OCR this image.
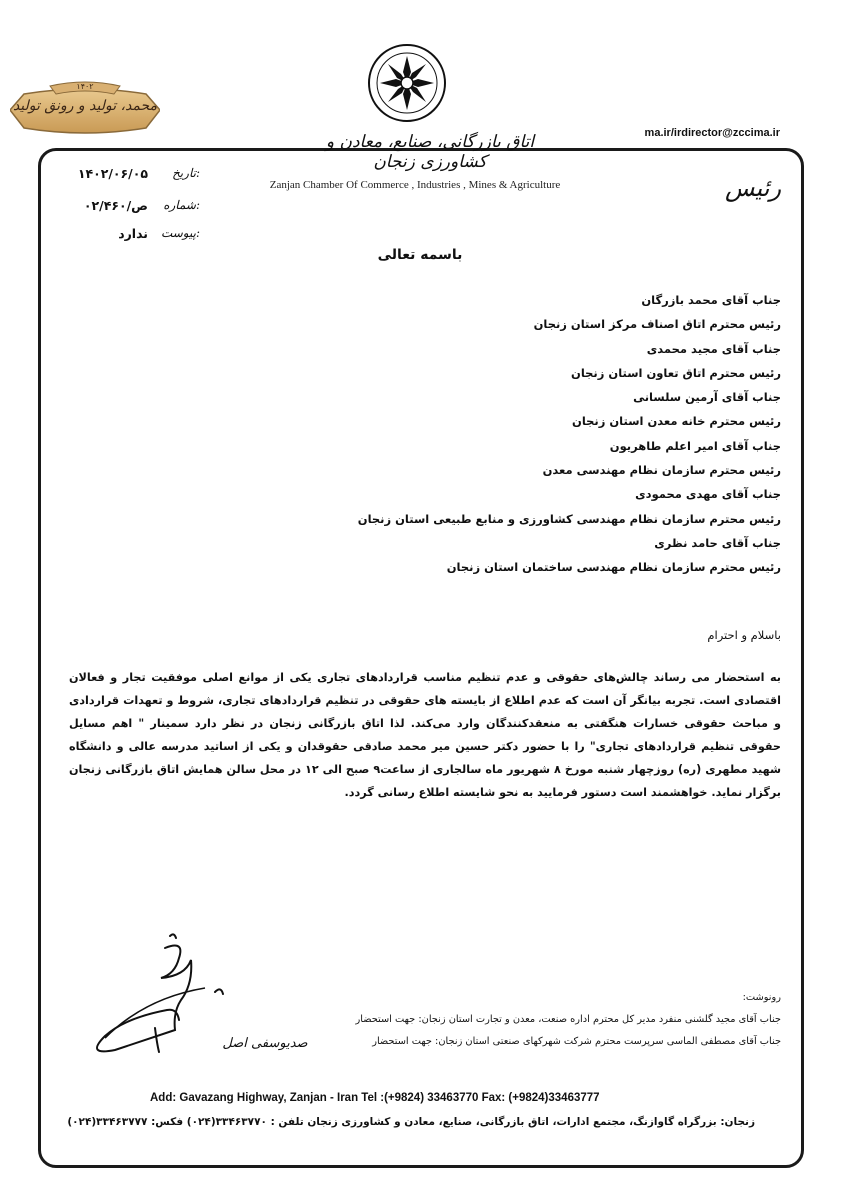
۱۴۰۲
محمد، تولید و رونق تولید
اتاق بازرگانی، صنایع، معادن و کشاورزی زنجان
Zanjan Chamber Of Commerce , Industries , Mines & Agriculture
ma.ir/irdirector@zccima.ir
رئیس
تاریخ:
۱۴۰۲/۰۶/۰۵
شماره:
۰۲/۴۶۰/ص
پیوست:
ندارد
باسمه تعالی
جناب آقای محمد بازرگان
رئیس محترم اتاق اصناف مرکز استان زنجان
جناب آقای مجید محمدی
رئیس محترم اتاق تعاون استان زنجان
جناب آقای آرمین سلسانی
رئیس محترم خانه معدن استان زنجان
جناب آقای امیر اعلم طاهریون
رئیس محترم سازمان نظام مهندسی معدن
جناب آقای مهدی محمودی
رئیس محترم سازمان نظام مهندسی کشاورزی و منابع طبیعی استان زنجان
جناب آقای حامد نظری
رئیس محترم سازمان نظام مهندسی ساختمان استان زنجان
باسلام و احترام
به استحضار می رساند چالش‌های حقوقی و عدم تنظیم مناسب قراردادهای تجاری یکی از موانع اصلی موفقیت تجار و فعالان اقتصادی است. تجربه بیانگر آن است که عدم اطلاع از بایسته های حقوقی در تنظیم قراردادهای تجاری، شروط و تعهدات قراردادی و مباحث حقوقی خسارات هنگفتی به منعقدکنندگان وارد می‌کند. لذا اتاق بازرگانی زنجان در نظر دارد سمینار " اهم مسایل حقوقی تنظیم قراردادهای تجاری" را با حضور دکتر حسین میر محمد صادقی حقوقدان و یکی از اساتید مدرسه عالی و دانشگاه شهید مطهری (ره) روزچهار شنبه مورخ ۸ شهریور ماه سالجاری از ساعت۹ صبح الی ۱۲ در محل سالن همایش اتاق بازرگانی زنجان برگزار نماید. خواهشمند است دستور فرمایید به نحو شایسته اطلاع رسانی گردد.
صدیوسفی اصل
رونوشت:
جناب آقای مجید گلشنی منفرد مدیر کل محترم اداره صنعت، معدن و تجارت استان زنجان: جهت استحضار
جناب آقای مصطفی الماسی سرپرست محترم شرکت شهرکهای صنعتی استان زنجان: جهت استحضار
Add: Gavazang Highway, Zanjan - Iran Tel :(+9824) 33463770 Fax: (+9824)33463777
زنجان: بزرگراه گاوازنگ، مجتمع ادارات، اتاق بازرگانی، صنایع، معادن و کشاورزی زنجان تلفن : ۳۳۴۶۳۷۷۰(۰۲۴) فکس: ۳۳۴۶۳۷۷۷(۰۲۴)
